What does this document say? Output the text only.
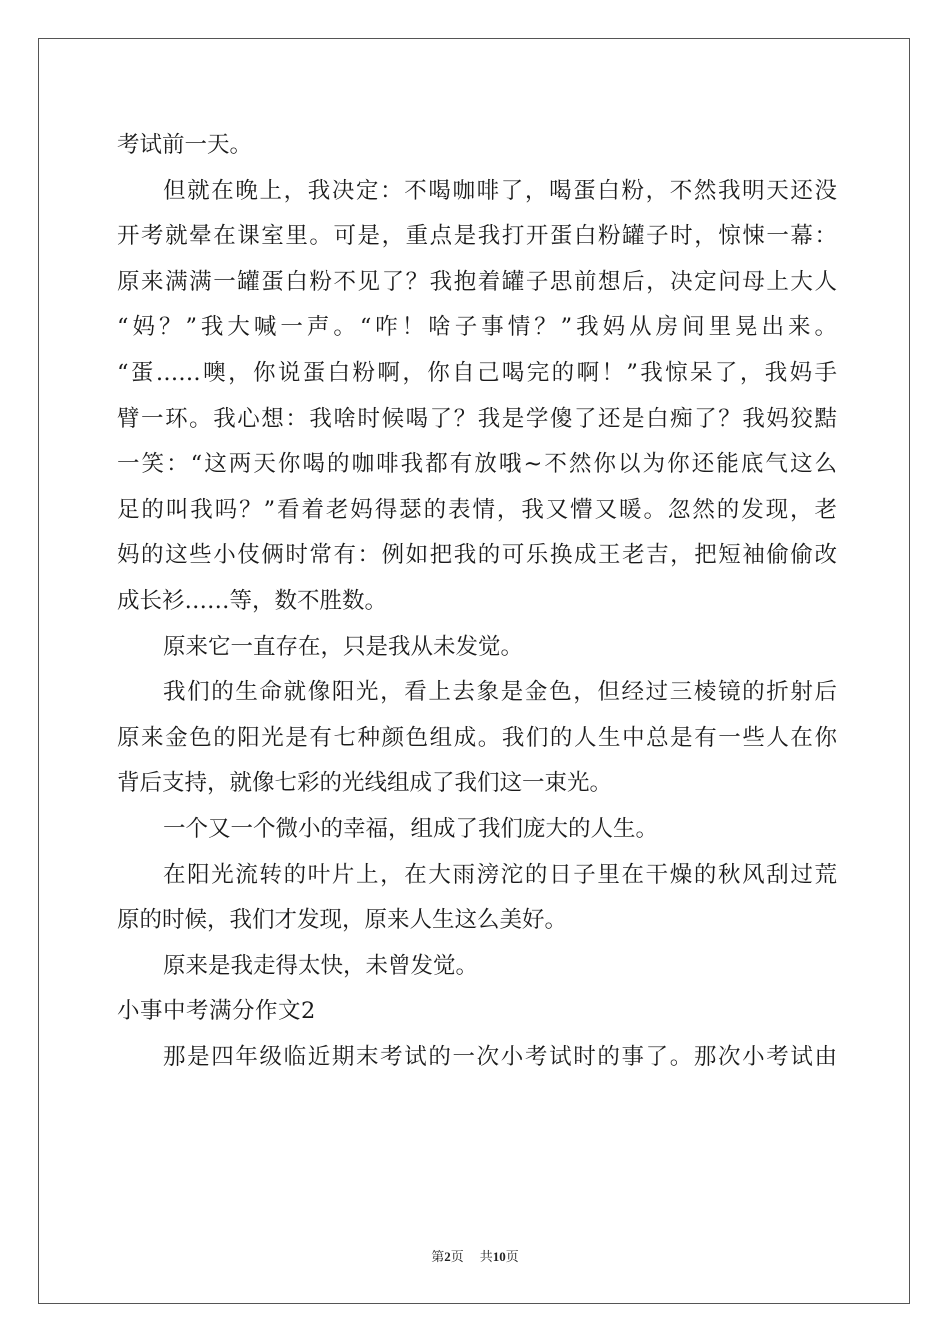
考试前一天。
但就在晚上，我决定：不喝咖啡了，喝蛋白粉，不然我明天还没
开考就晕在课室里。可是，重点是我打开蛋白粉罐子时，惊悚一幕：
原来满满一罐蛋白粉不见了？我抱着罐子思前想后，决定问母上大人
“妈？”我大喊一声。“咋！啥子事情？”我妈从房间里晃出来。
“蛋……噢，你说蛋白粉啊，你自己喝完的啊！”我惊呆了，我妈手
臂一环。我心想：我啥时候喝了？我是学傻了还是白痴了？我妈狡黠
一笑：“这两天你喝的咖啡我都有放哦~不然你以为你还能底气这么
足的叫我吗？”看着老妈得瑟的表情，我又懵又暖。忽然的发现，老
妈的这些小伎俩时常有：例如把我的可乐换成王老吉，把短袖偷偷改
成长衫……等，数不胜数。
原来它一直存在，只是我从未发觉。
我们的生命就像阳光，看上去象是金色，但经过三棱镜的折射后
原来金色的阳光是有七种颜色组成。我们的人生中总是有一些人在你
背后支持，就像七彩的光线组成了我们这一束光。
一个又一个微小的幸福，组成了我们庞大的人生。
在阳光流转的叶片上，在大雨滂沱的日子里在干燥的秋风刮过荒
原的时候，我们才发现，原来人生这么美好。
原来是我走得太快，未曾发觉。
小事中考满分作文2
那是四年级临近期末考试的一次小考试时的事了。那次小考试由
第2页 共10页
